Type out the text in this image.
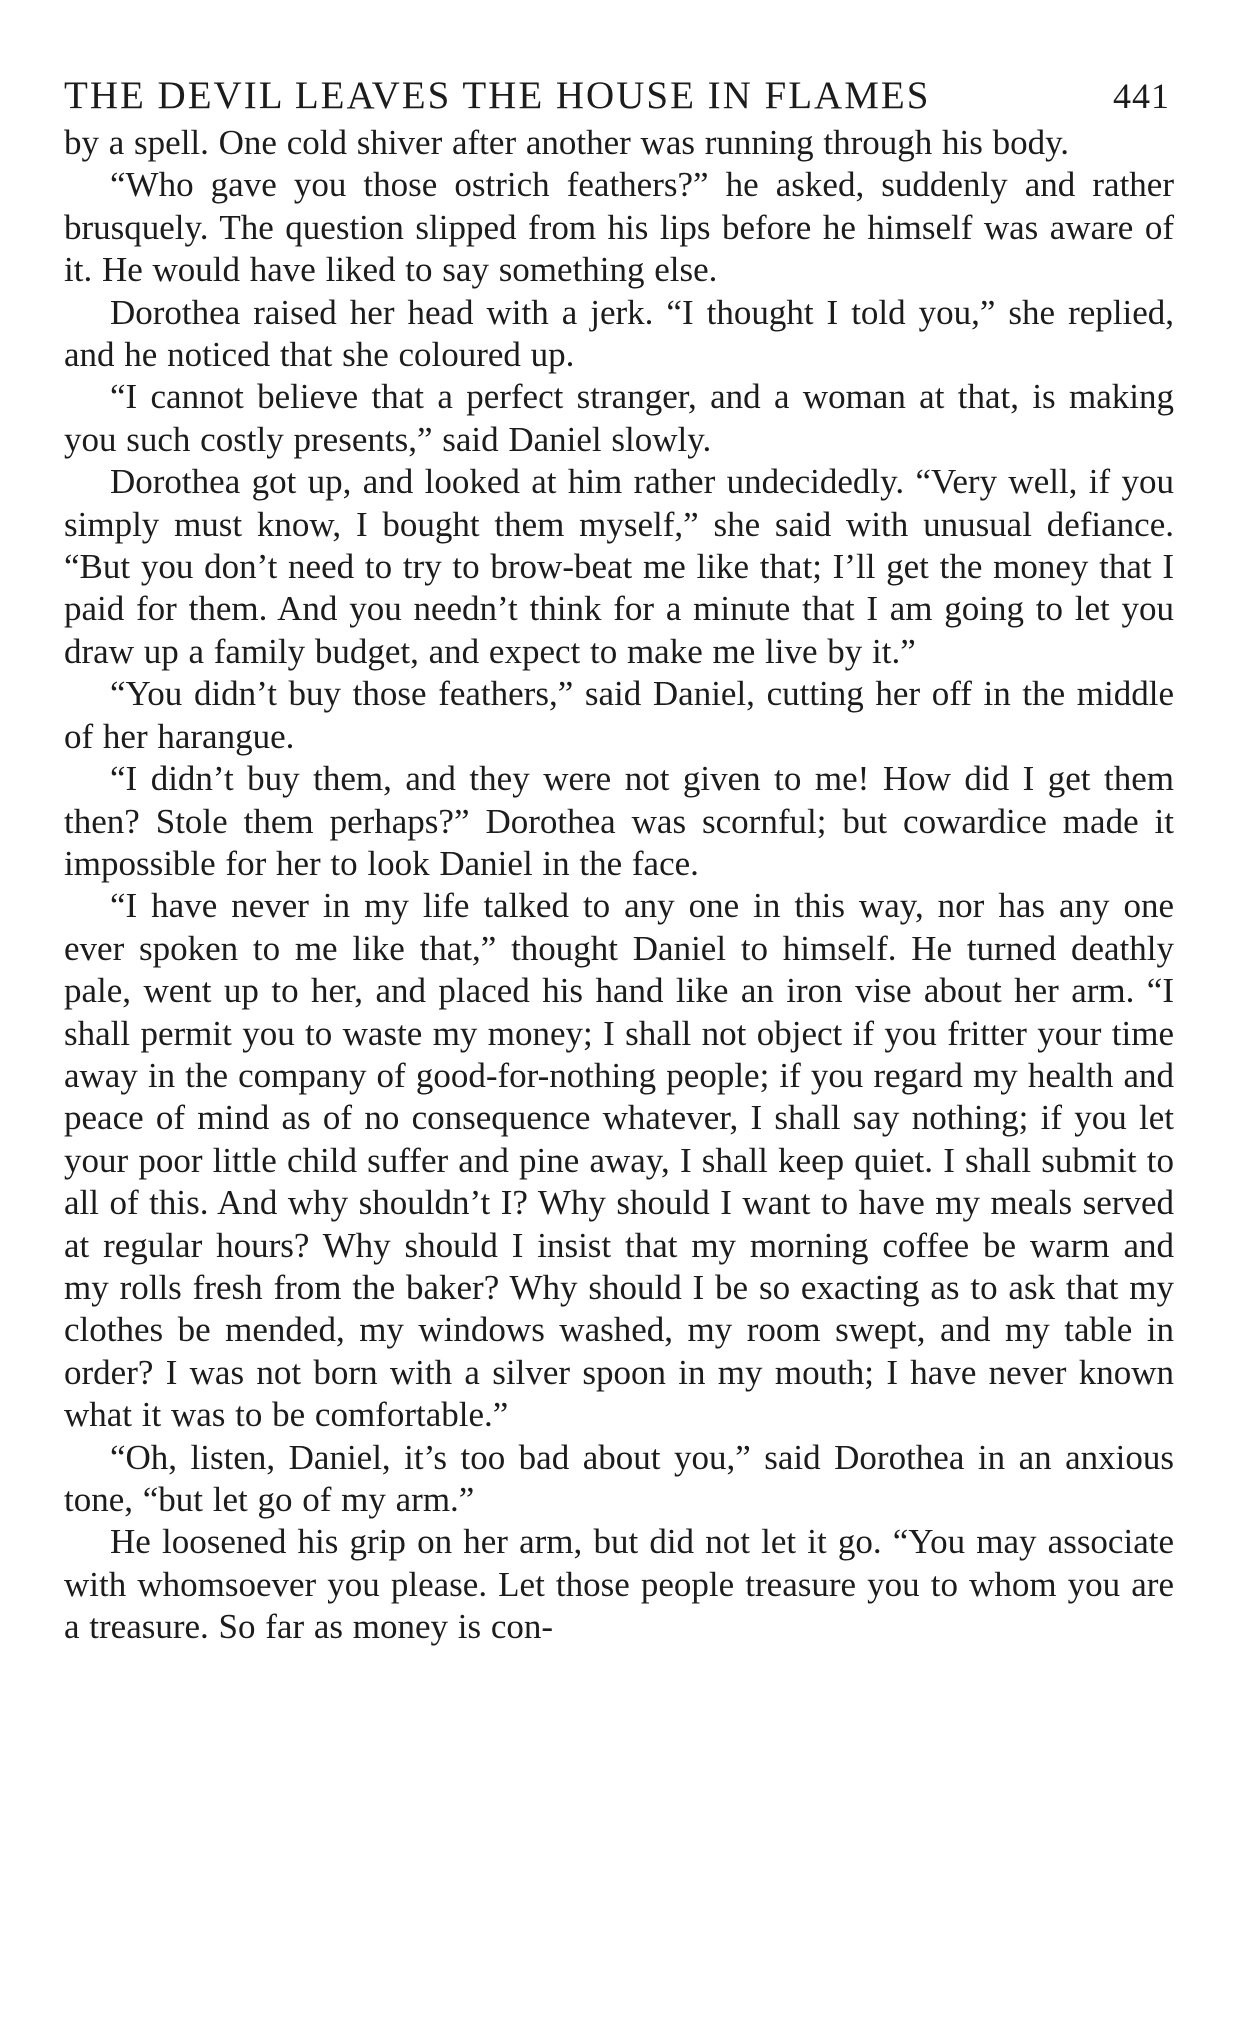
THE DEVIL LEAVES THE HOUSE IN FLAMES	441

by a spell. One cold shiver after another was running through his body.

“Who gave you those ostrich feathers?” he asked, suddenly and rather brusquely. The question slipped from his lips before he himself was aware of it. He would have liked to say something else.

Dorothea raised her head with a jerk. “I thought I told you,” she replied, and he noticed that she coloured up.

“I cannot believe that a perfect stranger, and a woman at that, is making you such costly presents,” said Daniel slowly.

Dorothea got up, and looked at him rather undecidedly. “Very well, if you simply must know, I bought them myself,” she said with unusual defiance. “But you don’t need to try to brow-beat me like that; I’ll get the money that I paid for them. And you needn’t think for a minute that I am going to let you draw up a family budget, and expect to make me live by it.”

“You didn’t buy those feathers,” said Daniel, cutting her off in the middle of her harangue.

“I didn’t buy them, and they were not given to me! How did I get them then? Stole them perhaps?” Dorothea was scornful; but cowardice made it impossible for her to look Daniel in the face.

“I have never in my life talked to any one in this way, nor has any one ever spoken to me like that,” thought Daniel to himself. He turned deathly pale, went up to her, and placed his hand like an iron vise about her arm. “I shall permit you to waste my money; I shall not object if you fritter your time away in the company of good-for-nothing people; if you regard my health and peace of mind as of no consequence whatever, I shall say nothing; if you let your poor little child suffer and pine away, I shall keep quiet. I shall submit to all of this. And why shouldn’t I? Why should I want to have my meals served at regular hours? Why should I insist that my morning coffee be warm and my rolls fresh from the baker? Why should I be so exacting as to ask that my clothes be mended, my windows washed, my room swept, and my table in order? I was not born with a silver spoon in my mouth; I have never known what it was to be comfortable.”

“Oh, listen, Daniel, it’s too bad about you,” said Dorothea in an anxious tone, “but let go of my arm.”

He loosened his grip on her arm, but did not let it go. “You may associate with whomsoever you please. Let those people treasure you to whom you are a treasure. So far as money is con-
